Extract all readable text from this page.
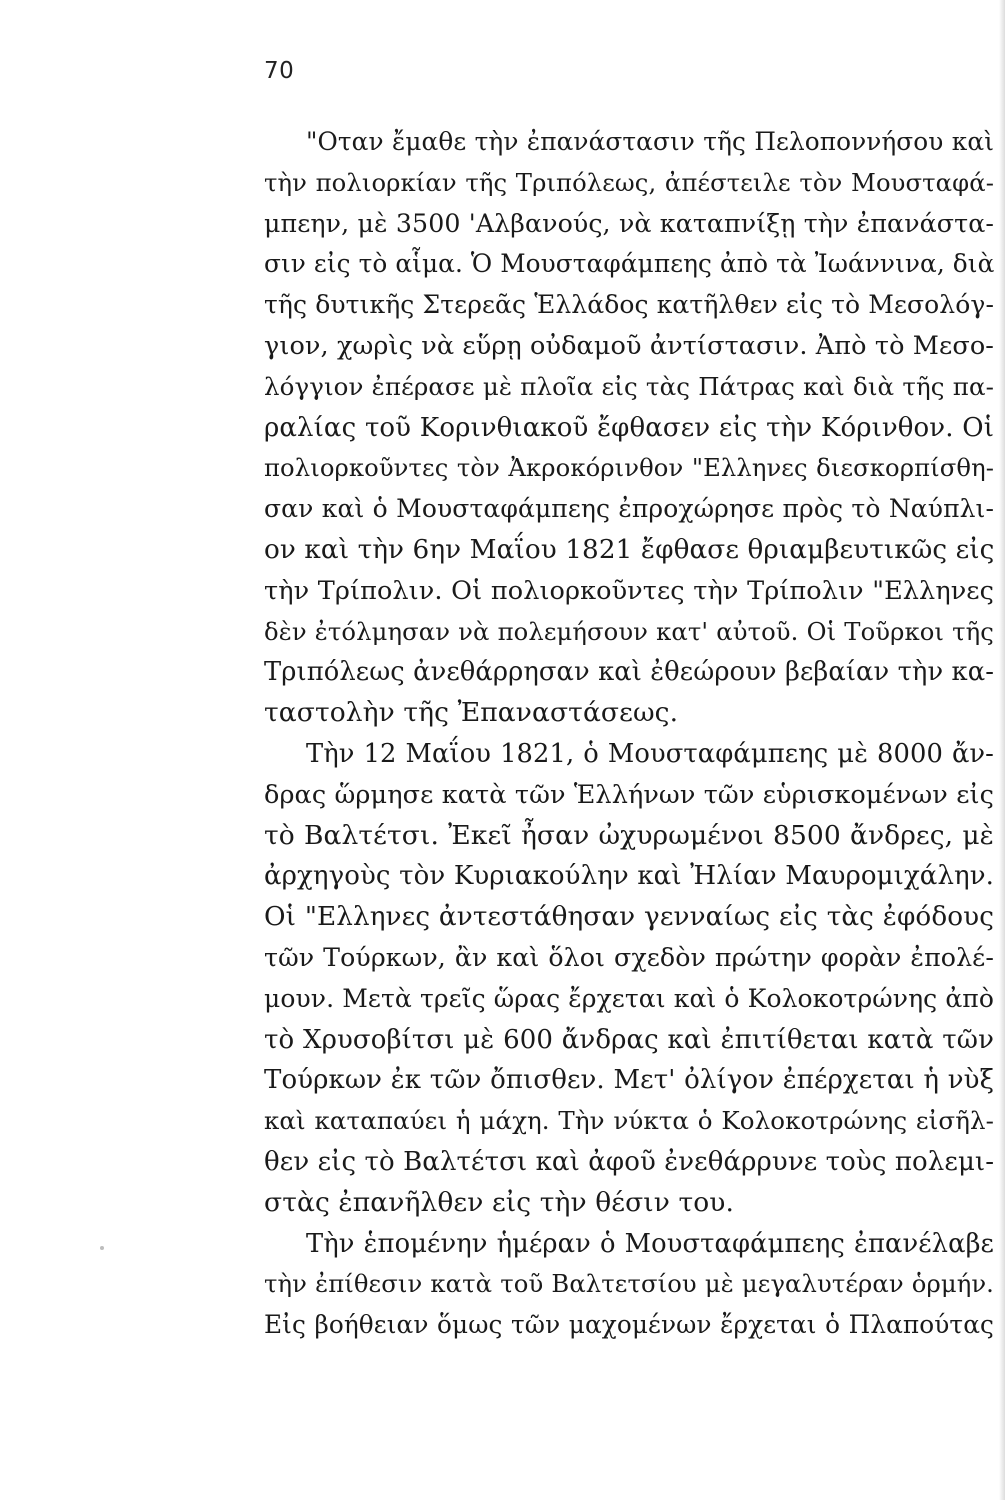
70
"Οταν ἔμαθε τὴν ἐπανάστασιν τῆς Πελοποννήσου καὶ
τὴν πολιορκίαν τῆς Τριπόλεως, ἀπέστειλε τὸν Μουσταφά-
μπεην, μὲ 3500 'Αλβανούς, νὰ καταπνίξῃ τὴν ἐπανάστα-
σιν εἰς τὸ αἷμα. Ὁ Μουσταφάμπεης ἀπὸ τὰ Ἰωάννινα, διὰ
τῆς δυτικῆς Στερεᾶς Ἑλλάδος κατῆλθεν εἰς τὸ Μεσολόγ-
γιον, χωρὶς νὰ εὕρῃ οὐδαμοῦ ἀντίστασιν. Ἀπὸ τὸ Μεσο-
λόγγιον ἐπέρασε μὲ πλοῖα εἰς τὰς Πάτρας καὶ διὰ τῆς πα-
ραλίας τοῦ Κορινθιακοῦ ἔφθασεν εἰς τὴν Κόρινθον. Οἱ
πολιορκοῦντες τὸν Ἀκροκόρινθον "Ελληνες διεσκορπίσθη-
σαν καὶ ὁ Μουσταφάμπεης ἐπροχώρησε πρὸς τὸ Ναύπλι-
ον καὶ τὴν 6ην Μαΐου 1821 ἔφθασε θριαμβευτικῶς εἰς
τὴν Τρίπολιν. Οἱ πολιορκοῦντες τὴν Τρίπολιν "Ελληνες
δὲν ἐτόλμησαν νὰ πολεμήσουν κατ' αὐτοῦ. Οἱ Τοῦρκοι τῆς
Τριπόλεως ἀνεθάρρησαν καὶ ἐθεώρουν βεβαίαν τὴν κα-
ταστολὴν τῆς Ἐπαναστάσεως.
Τὴν 12 Μαΐου 1821, ὁ Μουσταφάμπεης μὲ 8000 ἄν-
δρας ὥρμησε κατὰ τῶν Ἑλλήνων τῶν εὑρισκομένων εἰς
τὸ Βαλτέτσι. Ἐκεῖ ἦσαν ὠχυρωμένοι 8500 ἄνδρες, μὲ
ἀρχηγοὺς τὸν Κυριακούλην καὶ Ἠλίαν Μαυρομιχάλην.
Οἱ "Ελληνες ἀντεστάθησαν γενναίως εἰς τὰς ἐφόδους
τῶν Τούρκων, ἂν καὶ ὅλοι σχεδὸν πρώτην φορὰν ἐπολέ-
μουν. Μετὰ τρεῖς ὥρας ἔρχεται καὶ ὁ Κολοκοτρώνης ἀπὸ
τὸ Χρυσοβίτσι μὲ 600 ἄνδρας καὶ ἐπιτίθεται κατὰ τῶν
Τούρκων ἐκ τῶν ὄπισθεν. Μετ' ὀλίγον ἐπέρχεται ἡ νὺξ
καὶ καταπαύει ἡ μάχη. Τὴν νύκτα ὁ Κολοκοτρώνης εἰσῆλ-
θεν εἰς τὸ Βαλτέτσι καὶ ἀφοῦ ἐνεθάρρυνε τοὺς πολεμι-
στὰς ἐπανῆλθεν εἰς τὴν θέσιν του.
Τὴν ἑπομένην ἡμέραν ὁ Μουσταφάμπεης ἐπανέλαβε
τὴν ἐπίθεσιν κατὰ τοῦ Βαλτετσίου μὲ μεγαλυτέραν ὁρμήν.
Εἰς βοήθειαν ὅμως τῶν μαχομένων ἔρχεται ὁ Πλαπούτας
